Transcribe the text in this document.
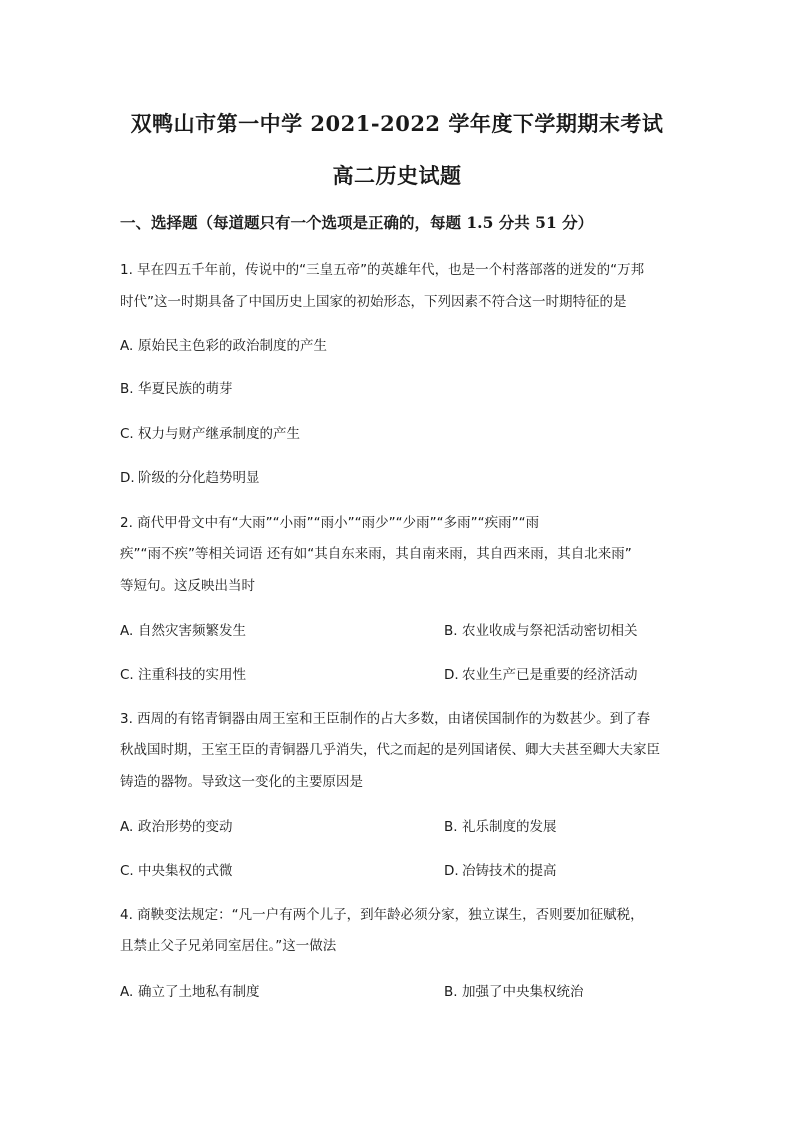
双鸭山市第一中学 2021-2022 学年度下学期期末考试
高二历史试题
一、选择题（每道题只有一个选项是正确的，每题 1.5 分共 51 分）
1. 早在四五千年前，传说中的“三皇五帝”的英雄年代，也是一个村落部落的迸发的“万邦
时代”这一时期具备了中国历史上国家的初始形态，下列因素不符合这一时期特征的是
A. 原始民主色彩的政治制度的产生
B. 华夏民族的萌芽
C. 权力与财产继承制度的产生
D. 阶级的分化趋势明显
2. 商代甲骨文中有“大雨”“小雨”“雨小”“雨少”“少雨”“多雨”“疾雨”“雨
疾”“雨不疾”等相关词语 还有如“其自东来雨，其自南来雨，其自西来雨，其自北来雨”
等短句。这反映出当时
A. 自然灾害频繁发生	B. 农业收成与祭祀活动密切相关
C. 注重科技的实用性	D. 农业生产已是重要的经济活动
3. 西周的有铭青铜器由周王室和王臣制作的占大多数，由诸侯国制作的为数甚少。到了春
秋战国时期，王室王臣的青铜器几乎消失，代之而起的是列国诸侯、卿大夫甚至卿大夫家臣
铸造的器物。导致这一变化的主要原因是
A. 政治形势的变动	B. 礼乐制度的发展
C. 中央集权的式微	D. 冶铸技术的提高
4. 商鞅变法规定：“凡一户有两个儿子，到年龄必须分家，独立谋生，否则要加征赋税，
且禁止父子兄弟同室居住。”这一做法
A. 确立了土地私有制度	B. 加强了中央集权统治
